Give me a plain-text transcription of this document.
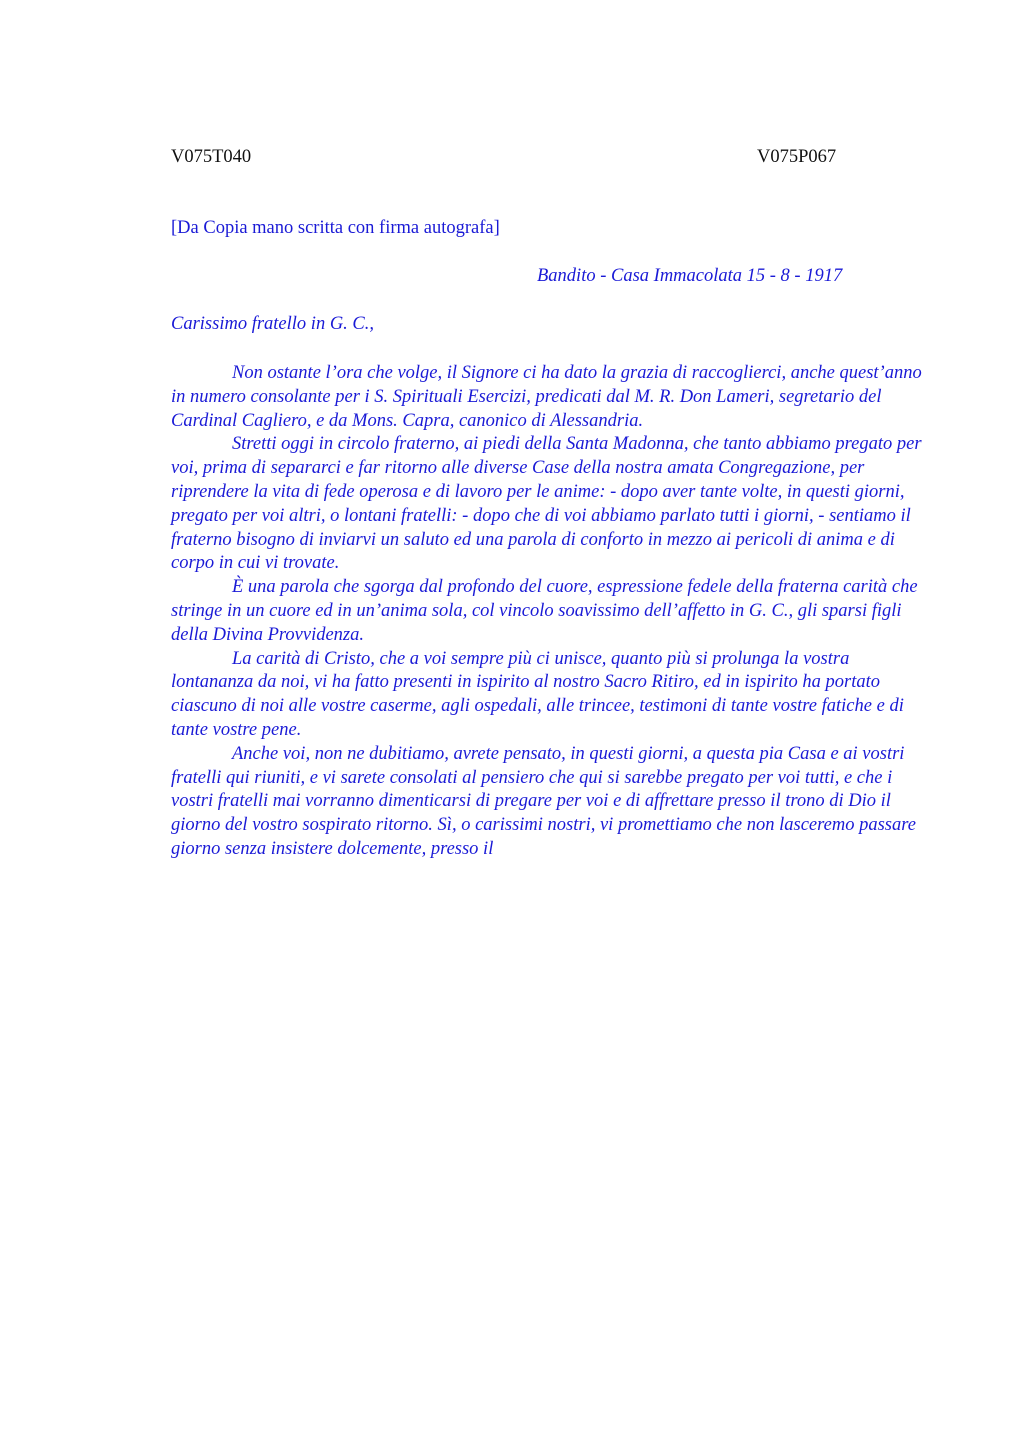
V075T040	V075P067
[Da Copia mano scritta con firma autografa]
Bandito - Casa Immacolata 15 - 8 - 1917
Carissimo fratello in G. C.,

Non ostante l’ora che volge, il Signore ci ha dato la grazia di raccoglierci, anche quest’anno in numero consolante per i S. Spirituali Esercizi, predicati dal M. R. Don Lameri, segretario del Cardinal Cagliero, e da Mons. Capra, canonico di Alessandria.

Stretti oggi in circolo fraterno, ai piedi della Santa Madonna, che tanto abbiamo pregato per voi, prima di separarci e far ritorno alle diverse Case della nostra amata Congregazione, per riprendere la vita di fede operosa e di lavoro per le anime: - dopo aver tante volte, in questi giorni, pregato per voi altri, o lontani fratelli: - dopo che di voi abbiamo parlato tutti i giorni, - sentiamo il fraterno bisogno di inviarvi un saluto ed una parola di conforto in mezzo ai pericoli di anima e di corpo in cui vi trovate.

È una parola che sgorga dal profondo del cuore, espressione fedele della fraterna carità che stringe in un cuore ed in un’anima sola, col vincolo soavissimo dell’affetto in G. C., gli sparsi figli della Divina Provvidenza.

La carità di Cristo, che a voi sempre più ci unisce, quanto più si prolunga la vostra lontananza da noi, vi ha fatto presenti in ispirito al nostro Sacro Ritiro, ed in ispirito ha portato ciascuno di noi alle vostre caserme, agli ospedali, alle trincee, testimoni di tante vostre fatiche e di tante vostre pene.

Anche voi, non ne dubitiamo, avrete pensato, in questi giorni, a questa pia Casa e ai vostri fratelli qui riuniti, e vi sarete consolati al pensiero che qui si sarebbe pregato per voi tutti, e che i vostri fratelli mai vorranno dimenticarsi di pregare per voi e di affrettare presso il trono di Dio il giorno del vostro sospirato ritorno. Sì, o carissimi nostri, vi promettiamo che non lasceremo passare giorno senza insistere dolcemente, presso il
